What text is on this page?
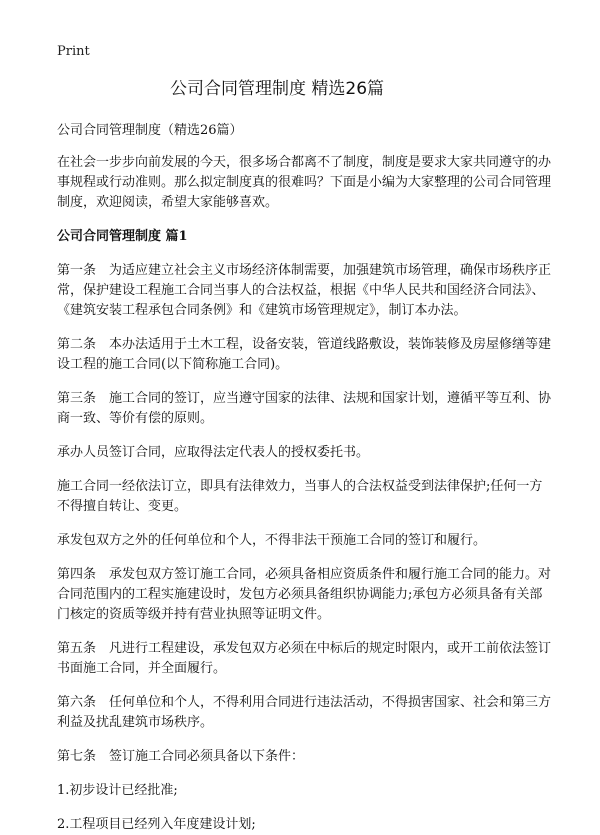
Print
公司合同管理制度 精选26篇

公司合同管理制度（精选26篇）

在社会一步步向前发展的今天，很多场合都离不了制度，制度是要求大家共同遵守的办事规程或行动准则。那么拟定制度真的很难吗？下面是小编为大家整理的公司合同管理制度，欢迎阅读，希望大家能够喜欢。

公司合同管理制度 篇1

第一条　为适应建立社会主义市场经济体制需要，加强建筑市场管理，确保市场秩序正常，保护建设工程施工合同当事人的合法权益，根据《中华人民共和国经济合同法》、《建筑安装工程承包合同条例》和《建筑市场管理规定》，制订本办法。

第二条　本办法适用于土木工程，设备安装，管道线路敷设，装饰装修及房屋修缮等建设工程的施工合同(以下简称施工合同)。

第三条　施工合同的签订，应当遵守国家的法律、法规和国家计划，遵循平等互利、协商一致、等价有偿的原则。

承办人员签订合同，应取得法定代表人的授权委托书。

施工合同一经依法订立，即具有法律效力，当事人的合法权益受到法律保护;任何一方不得擅自转让、变更。

承发包双方之外的任何单位和个人，不得非法干预施工合同的签订和履行。

第四条　承发包双方签订施工合同，必须具备相应资质条件和履行施工合同的能力。对合同范围内的工程实施建设时，发包方必须具备组织协调能力;承包方必须具备有关部门核定的资质等级并持有营业执照等证明文件。

第五条　凡进行工程建设，承发包双方必须在中标后的规定时限内，或开工前依法签订书面施工合同，并全面履行。

第六条　任何单位和个人，不得利用合同进行违法活动，不得损害国家、社会和第三方利益及扰乱建筑市场秩序。

第七条　签订施工合同必须具备以下条件：

1.初步设计已经批准;

2.工程项目已经列入年度建设计划;
